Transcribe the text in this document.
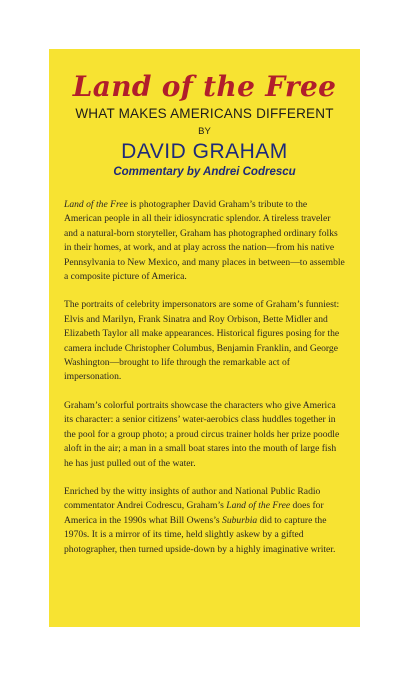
Land of the Free
WHAT MAKES AMERICANS DIFFERENT
BY
DAVID GRAHAM
Commentary by Andrei Codrescu

Land of the Free is photographer David Graham’s tribute to the American people in all their idiosyncratic splendor. A tireless traveler and a natural-born storyteller, Graham has photographed ordinary folks in their homes, at work, and at play across the nation—from his native Pennsylvania to New Mexico, and many places in between—to assemble a composite picture of America.

The portraits of celebrity impersonators are some of Graham’s funniest: Elvis and Marilyn, Frank Sinatra and Roy Orbison, Bette Midler and Elizabeth Taylor all make appearances. Historical figures posing for the camera include Christopher Columbus, Benjamin Franklin, and George Washington—brought to life through the remarkable act of impersonation.

Graham’s colorful portraits showcase the characters who give America its character: a senior citizens’ water-aerobics class huddles together in the pool for a group photo; a proud circus trainer holds her prize poodle aloft in the air; a man in a small boat stares into the mouth of large fish he has just pulled out of the water.

Enriched by the witty insights of author and National Public Radio commentator Andrei Codrescu, Graham’s Land of the Free does for America in the 1990s what Bill Owens’s Suburbia did to capture the 1970s. It is a mirror of its time, held slightly askew by a gifted photographer, then turned upside-down by a highly imaginative writer.
